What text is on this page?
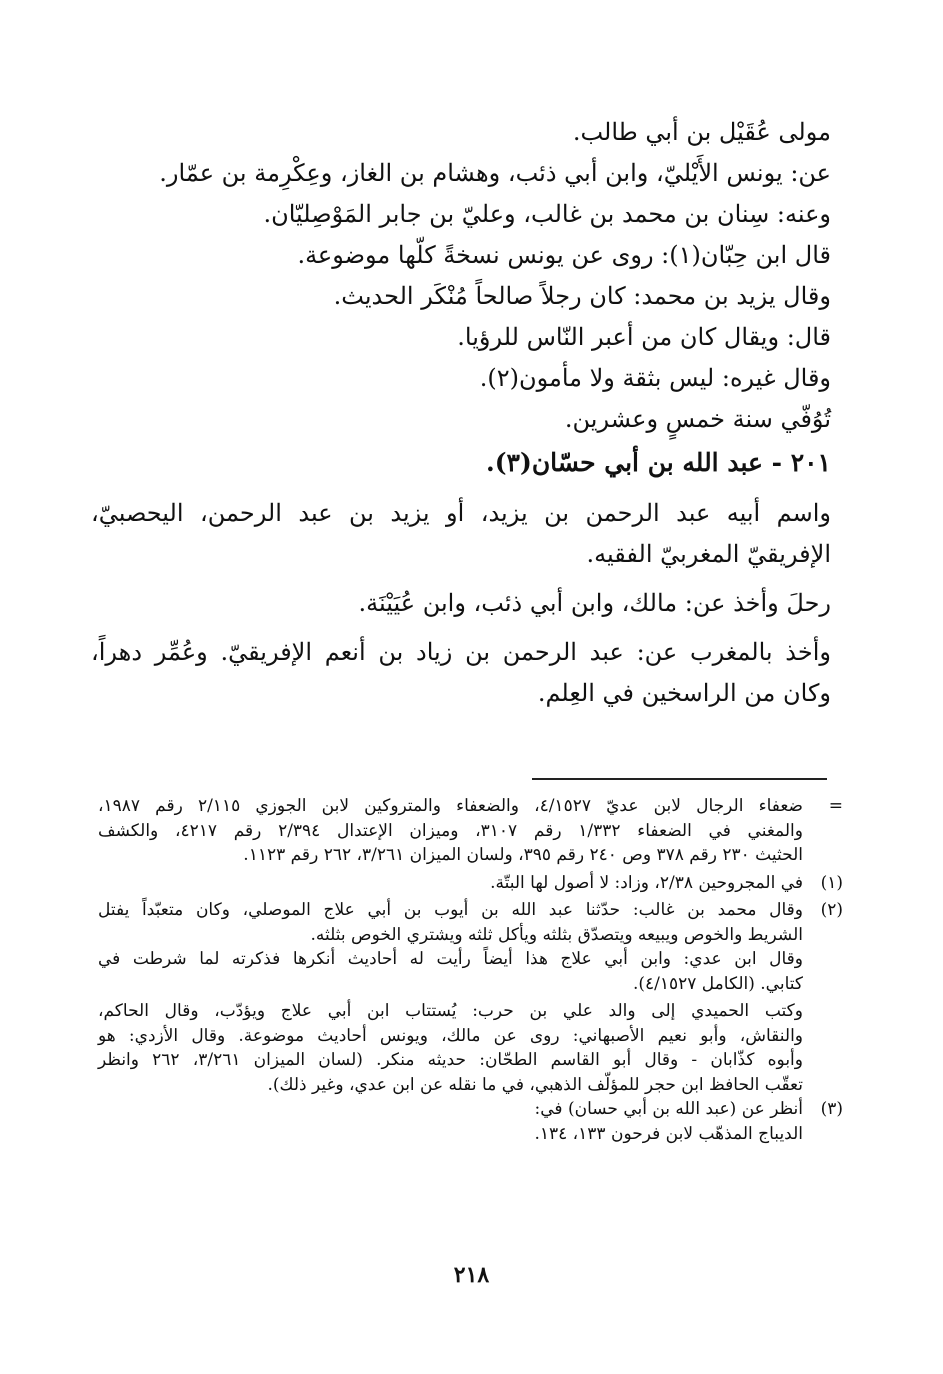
مولى عُقَيْل بن أبي طالب.
عن: يونس الأَيْليّ، وابن أبي ذئب، وهشام بن الغاز، وعِكْرِمة بن عمّار.
وعنه: سِنان بن محمد بن غالب، وعليّ بن جابر المَوْصِليّان.
قال ابن حِبّان(١): روى عن يونس نسخةً كلّها موضوعة.
وقال يزيد بن محمد: كان رجلاً صالحاً مُنْكَر الحديث.
قال: ويقال كان من أعبر النّاس للرؤيا.
وقال غيره: ليس بثقة ولا مأمون(٢).
تُوُفّي سنة خمسٍ وعشرين.
٢٠١ - عبد الله بن أبي حسّان(٣).
واسم أبيه عبد الرحمن بن يزيد، أو يزيد بن عبد الرحمن، اليحصبيّ،
الإفريقيّ المغربيّ الفقيه.
رحلَ وأخذ عن: مالك، وابن أبي ذئب، وابن عُيَيْنَة.
وأخذ بالمغرب عن: عبد الرحمن بن زياد بن أنعم الإفريقيّ. وعُمِّر دهراً،
وكان من الراسخين في العِلم.
=
ضعفاء الرجال لابن عديّ ٤/١٥٢٧، والضعفاء والمتروكين لابن الجوزي ٢/١١٥ رقم ١٩٨٧،
والمغني في الضعفاء ١/٣٣٢ رقم ٣١٠٧، وميزان الإعتدال ٢/٣٩٤ رقم ٤٢١٧، والكشف
الحثيث ٢٣٠ رقم ٣٧٨ وص ٢٤٠ رقم ٣٩٥، ولسان الميزان ٣/٢٦١، ٢٦٢ رقم ١١٢٣.
(١)
في المجروحين ٢/٣٨، وزاد: لا أصول لها البتّة.
(٢)
وقال محمد بن غالب: حدّثنا عبد الله بن أيوب بن أبي علاج الموصلي، وكان متعبّداً يفتل
الشريط والخوص ويبيعه ويتصدّق بثلثه ويأكل ثلثه ويشتري الخوص بثلثه.
وقال ابن عدي: وابن أبي علاج هذا أيضاً رأيت له أحاديث أنكرها فذكرته لما شرطت في
كتابي. (الكامل ٤/١٥٢٧).
وكتب الحميدي إلى والد علي بن حرب: يُستتاب ابن أبي علاج ويؤدّب، وقال الحاكم،
والنقاش، وأبو نعيم الأصبهاني: روى عن مالك، ويونس أحاديث موضوعة. وقال الأزدي: هو
وأبوه كذّابان - وقال أبو القاسم الطحّان: حديثه منكر. (لسان الميزان ٣/٢٦١، ٢٦٢ وانظر
تعقّب الحافظ ابن حجر للمؤلّف الذهبي، في ما نقله عن ابن عدي، وغير ذلك).
(٣)
أنظر عن (عبد الله بن أبي حسان) في:
الديباج المذهّب لابن فرحون ١٣٣، ١٣٤.
٢١٨
